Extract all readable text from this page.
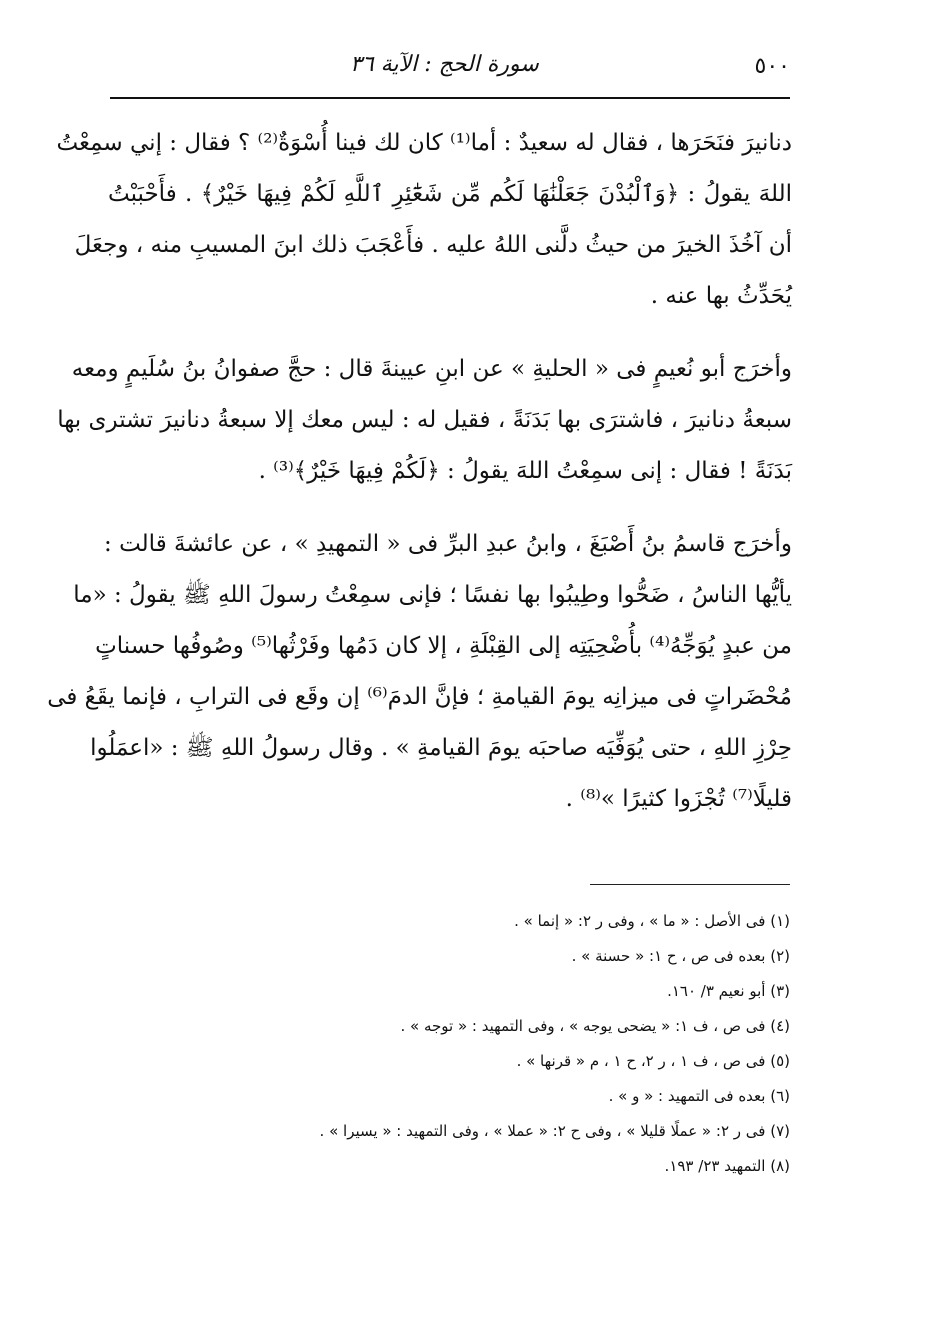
٥٠٠
سورة الحج : الآية ٣٦
دنانيرَ فنَحَرَها ، فقال له سعيدٌ : أما⁽¹⁾ كان لك فينا أُسْوَةٌ⁽²⁾ ؟ فقال : إني سمِعْتُ
اللهَ يقولُ : ﴿وَٱلْبُدْنَ جَعَلْنَٰهَا لَكُم مِّن شَعَٰٓئِرِ ٱللَّهِ لَكُمْ فِيهَا خَيْرٌ﴾ . فأَحْبَبْتُ
أن آخُذَ الخيرَ من حيثُ دلَّنى اللهُ عليه . فأَعْجَبَ ذلك ابنَ المسيبِ منه ، وجعَلَ
يُحَدِّثُ بها عنه .
وأخرَج أبو نُعيمٍ فى « الحليةِ » عن ابنِ عيينةَ قال : حجَّ صفوانُ بنُ سُلَيمٍ ومعه
سبعةُ دنانيرَ ، فاشترَى بها بَدَنَةً ، فقيل له : ليس معك إلا سبعةُ دنانيرَ تشترى بها
بَدَنَةً ! فقال : إنى سمِعْتُ اللهَ يقولُ : ﴿لَكُمْ فِيهَا خَيْرٌ﴾⁽³⁾ .
وأخرَج قاسمُ بنُ أَصْبَغَ ، وابنُ عبدِ البرِّ فى « التمهيدِ » ، عن عائشةَ قالت :
يأيُّها الناسُ ، ضَحُّوا وطِيبُوا بها نفسًا ؛ فإنى سمِعْتُ رسولَ اللهِ ﷺ يقولُ : «ما
من عبدٍ يُوَجِّهُ⁽⁴⁾ بأُضْحِيَتِه إلى القِبْلَةِ ، إلا كان دَمُها وفَرْثُها⁽⁵⁾ وصُوفُها حسناتٍ
مُحْضَراتٍ فى ميزانِه يومَ القيامةِ ؛ فإنَّ الدمَ⁽⁶⁾ إن وقَع فى الترابِ ، فإنما يقَعُ فى
حِرْزِ اللهِ ، حتى يُوَفِّيَه صاحبَه يومَ القيامةِ » . وقال رسولُ اللهِ ﷺ : «اعمَلُوا
قليلًا⁽⁷⁾ تُجْزَوا كثيرًا »⁽⁸⁾ .
(١) فى الأصل : « ما » ، وفى ر ٢: « إنما » .
(٢) بعده فى ص ، ح ١: « حسنة » .
(٣) أبو نعيم ٣/ ١٦٠.
(٤) فى ص ، ف ١: « يضحى يوجه » ، وفى التمهيد : « توجه » .
(٥) فى ص ، ف ١ ، ر ٢، ح ١ ، م « قرنها » .
(٦) بعده فى التمهيد : « و » .
(٧) فى ر ٢: « عملًا قليلا » ، وفى ح ٢: « عملا » ، وفى التمهيد : « يسيرا » .
(٨) التمهيد ٢٣/ ١٩٣.
